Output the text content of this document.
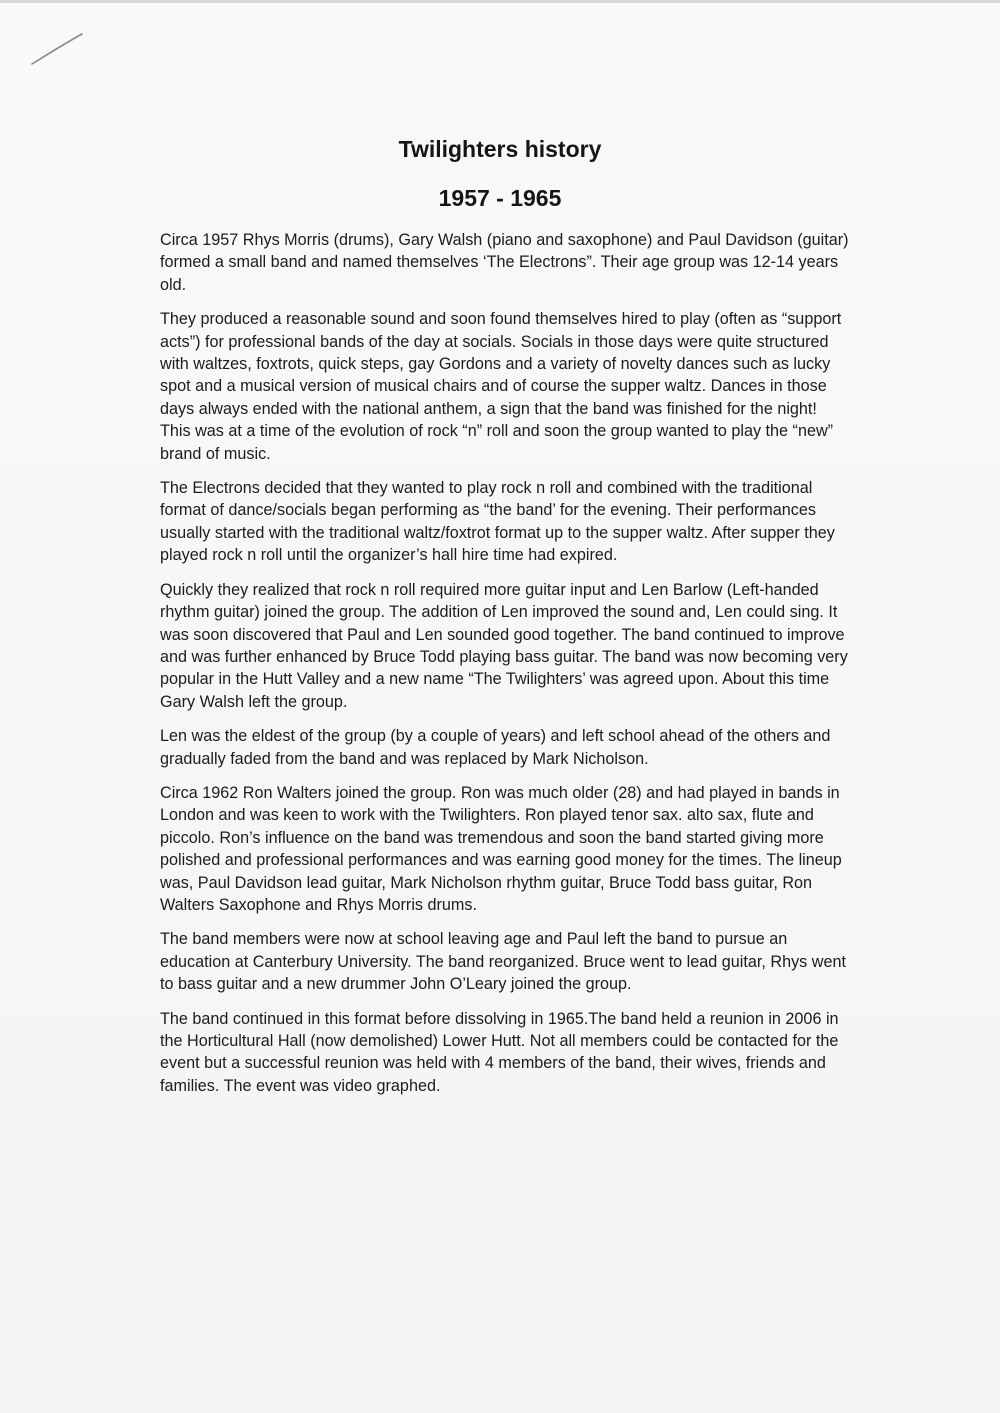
Twilighters history
1957 - 1965

Circa 1957 Rhys Morris (drums), Gary Walsh (piano and saxophone) and Paul Davidson (guitar) formed a small band and named themselves ‘The Electrons”. Their age group was 12-14 years old.

They produced a reasonable sound and soon found themselves hired to play (often as “support acts”) for professional bands of the day at socials. Socials in those days were quite structured with waltzes, foxtrots, quick steps, gay Gordons and a variety of novelty dances such as lucky spot and a musical version of musical chairs and of course the supper waltz. Dances in those days always ended with the national anthem, a sign that the band was finished for the night! This was at a time of the evolution of rock “n” roll and soon the group wanted to play the “new” brand of music.

The Electrons decided that they wanted to play rock n roll and combined with the traditional format of dance/socials began performing as “the band’ for the evening. Their performances usually started with the traditional waltz/foxtrot format up to the supper waltz. After supper they played rock n roll until the organizer’s hall hire time had expired.

Quickly they realized that rock n roll required more guitar input and Len Barlow (Left-handed rhythm guitar) joined the group. The addition of Len improved the sound and, Len could sing. It was soon discovered that Paul and Len sounded good together. The band continued to improve and was further enhanced by Bruce Todd playing bass guitar. The band was now becoming very popular in the Hutt Valley and a new name “The Twilighters’ was agreed upon. About this time Gary Walsh left the group.

Len was the eldest of the group (by a couple of years) and left school ahead of the others and gradually faded from the band and was replaced by Mark Nicholson.

Circa 1962 Ron Walters joined the group. Ron was much older (28) and had played in bands in London and was keen to work with the Twilighters. Ron played tenor sax. alto sax, flute and piccolo. Ron’s influence on the band was tremendous and soon the band started giving more polished and professional performances and was earning good money for the times. The lineup was, Paul Davidson lead guitar, Mark Nicholson rhythm guitar, Bruce Todd bass guitar, Ron Walters Saxophone and Rhys Morris drums.

The band members were now at school leaving age and Paul left the band to pursue an education at Canterbury University. The band reorganized. Bruce went to lead guitar, Rhys went to bass guitar and a new drummer John O’Leary joined the group.

The band continued in this format before dissolving in 1965.The band held a reunion in 2006 in the Horticultural Hall (now demolished) Lower Hutt. Not all members could be contacted for the event but a successful reunion was held with 4 members of the band, their wives, friends and families. The event was video graphed.
